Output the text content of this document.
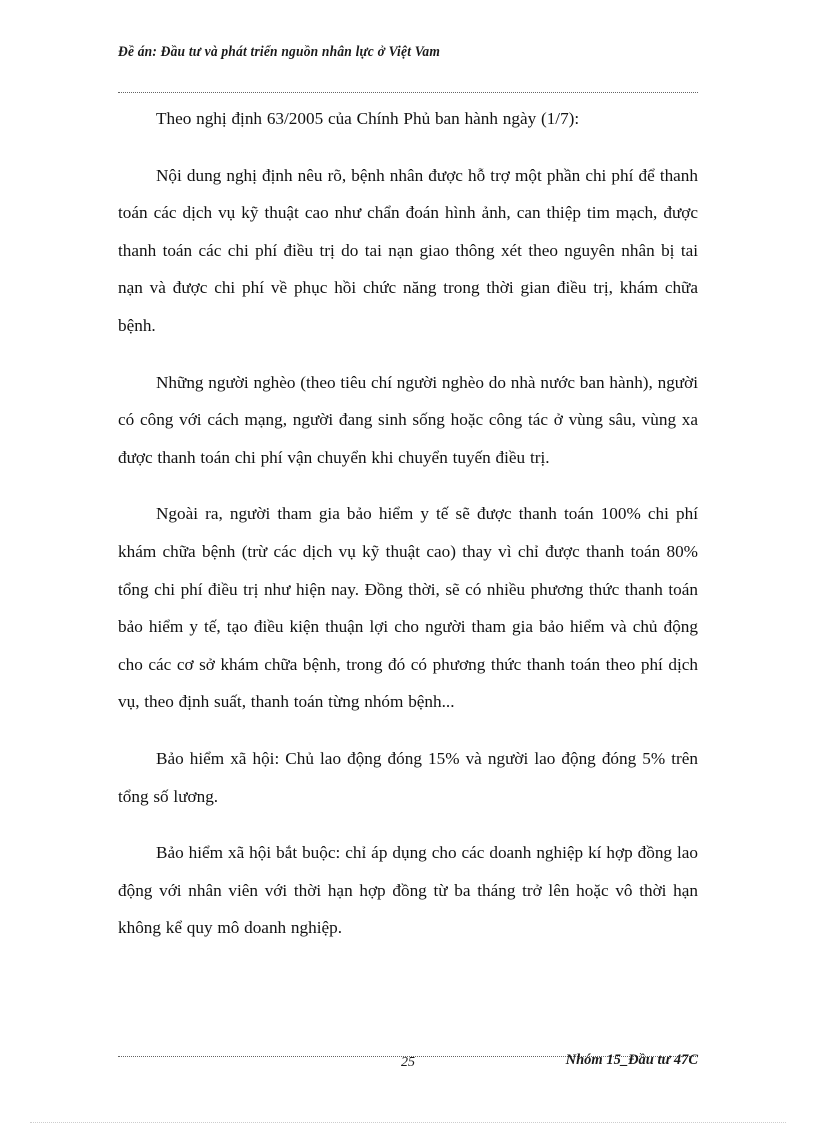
Đề án: Đầu tư và phát triển nguồn nhân lực ở Việt Vam

Theo nghị định 63/2005 của Chính Phủ ban hành ngày (1/7):

Nội dung nghị định nêu rõ, bệnh nhân được hỗ trợ một phần chi phí để thanh toán các dịch vụ kỹ thuật cao như chẩn đoán hình ảnh, can thiệp tim mạch, được thanh toán các chi phí điều trị do tai nạn giao thông xét theo nguyên nhân bị tai nạn và được chi phí về phục hồi chức năng trong thời gian điều trị, khám chữa bệnh.

Những người nghèo (theo tiêu chí người nghèo do nhà nước ban hành), người có công với cách mạng, người đang sinh sống hoặc công tác ở vùng sâu, vùng xa được thanh toán chi phí vận chuyển khi chuyển tuyến điều trị.

Ngoài ra, người tham gia bảo hiểm y tế sẽ được thanh toán 100% chi phí khám chữa bệnh (trừ các dịch vụ kỹ thuật cao) thay vì chỉ được thanh toán 80% tổng chi phí điều trị như hiện nay. Đồng thời, sẽ có nhiều phương thức thanh toán bảo hiểm y tế, tạo điều kiện thuận lợi cho người tham gia bảo hiểm và chủ động cho các cơ sở khám chữa bệnh, trong đó có phương thức thanh toán theo phí dịch vụ, theo định suất, thanh toán từng nhóm bệnh...

Bảo hiểm xã hội: Chủ lao động đóng 15% và người lao động đóng 5% trên tổng số lương.

Bảo hiểm xã hội bắt buộc: chỉ áp dụng cho các doanh nghiệp kí hợp đồng lao động với nhân viên với thời hạn hợp đồng từ ba tháng trở lên hoặc vô thời hạn không kể quy mô doanh nghiệp.

25	Nhóm 15_Đầu tư 47C
